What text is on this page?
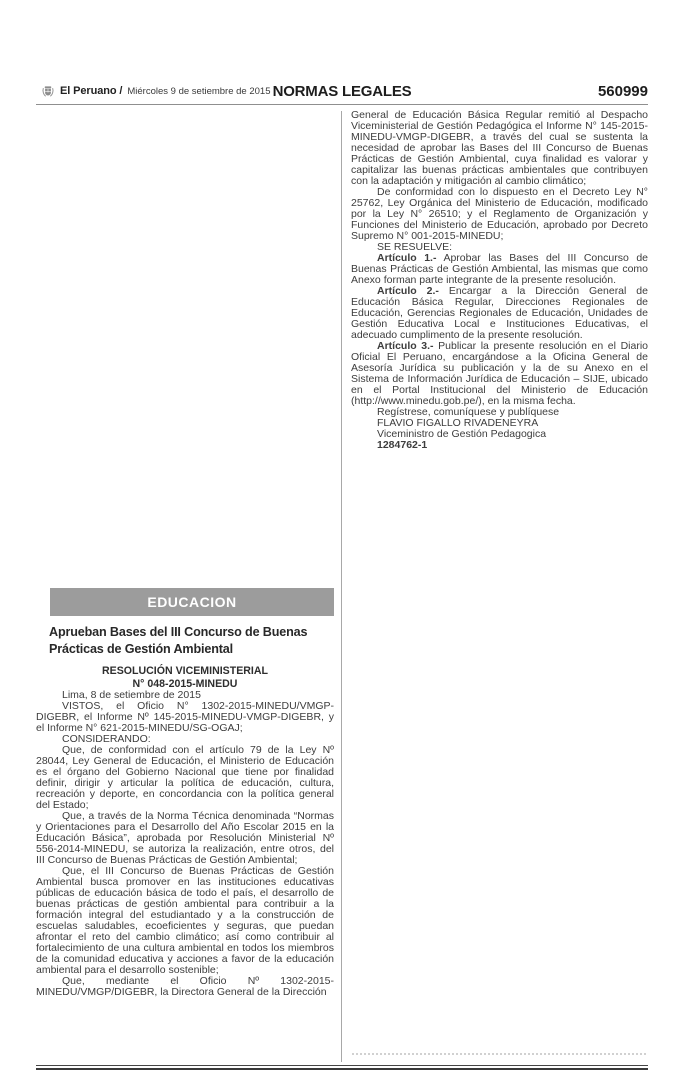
El Peruano / Miércoles 9 de setiembre de 2015 NORMAS LEGALES	560999
EDUCACION
Aprueban Bases del III Concurso de Buenas Prácticas de Gestión Ambiental
RESOLUCIÓN VICEMINISTERIAL
N° 048-2015-MINEDU

Lima, 8 de setiembre de 2015

VISTOS, el Oficio N° 1302-2015-MINEDU/VMGP-DIGEBR, el Informe Nº 145-2015-MINEDU-VMGP-DIGEBR, y el Informe N° 621-2015-MINEDU/SG-OGAJ;

CONSIDERANDO:

Que, de conformidad con el artículo 79 de la Ley Nº 28044, Ley General de Educación, el Ministerio de Educación es el órgano del Gobierno Nacional que tiene por finalidad definir, dirigir y articular la política de educación, cultura, recreación y deporte, en concordancia con la política general del Estado;

Que, a través de la Norma Técnica denominada “Normas y Orientaciones para el Desarrollo del Año Escolar 2015 en la Educación Básica”, aprobada por Resolución Ministerial Nº 556-2014-MINEDU, se autoriza la realización, entre otros, del III Concurso de Buenas Prácticas de Gestión Ambiental;

Que, el III Concurso de Buenas Prácticas de Gestión Ambiental busca promover en las instituciones educativas públicas de educación básica de todo el país, el desarrollo de buenas prácticas de gestión ambiental para contribuir a la formación integral del estudiantado y a la construcción de escuelas saludables, ecoeficientes y seguras, que puedan afrontar el reto del cambio climático; así como contribuir al fortalecimiento de una cultura ambiental en todos los miembros de la comunidad educativa y acciones a favor de la educación ambiental para el desarrollo sostenible;

Que, mediante el Oficio Nº 1302-2015-MINEDU/VMGP/DIGEBR, la Directora General de la Dirección

General de Educación Básica Regular remitió al Despacho Viceministerial de Gestión Pedagógica el Informe N° 145-2015-MINEDU-VMGP-DIGEBR, a través del cual se sustenta la necesidad de aprobar las Bases del III Concurso de Buenas Prácticas de Gestión Ambiental, cuya finalidad es valorar y capitalizar las buenas prácticas ambientales que contribuyen con la adaptación y mitigación al cambio climático;

De conformidad con lo dispuesto en el Decreto Ley N° 25762, Ley Orgánica del Ministerio de Educación, modificado por la Ley N° 26510; y el Reglamento de Organización y Funciones del Ministerio de Educación, aprobado por Decreto Supremo N° 001-2015-MINEDU;

SE RESUELVE:

Artículo 1.- Aprobar las Bases del III Concurso de Buenas Prácticas de Gestión Ambiental, las mismas que como Anexo forman parte integrante de la presente resolución.

Artículo 2.- Encargar a la Dirección General de Educación Básica Regular, Direcciones Regionales de Educación, Gerencias Regionales de Educación, Unidades de Gestión Educativa Local e Instituciones Educativas, el adecuado cumplimento de la presente resolución.

Artículo 3.- Publicar la presente resolución en el Diario Oficial El Peruano, encargándose a la Oficina General de Asesoría Jurídica su publicación y la de su Anexo en el Sistema de Información Jurídica de Educación – SIJE, ubicado en el Portal Institucional del Ministerio de Educación (http://www.minedu.gob.pe/), en la misma fecha.

Regístrese, comuníquese y publíquese

FLAVIO FIGALLO RIVADENEYRA

Viceministro de Gestión Pedagogica

1284762-1
